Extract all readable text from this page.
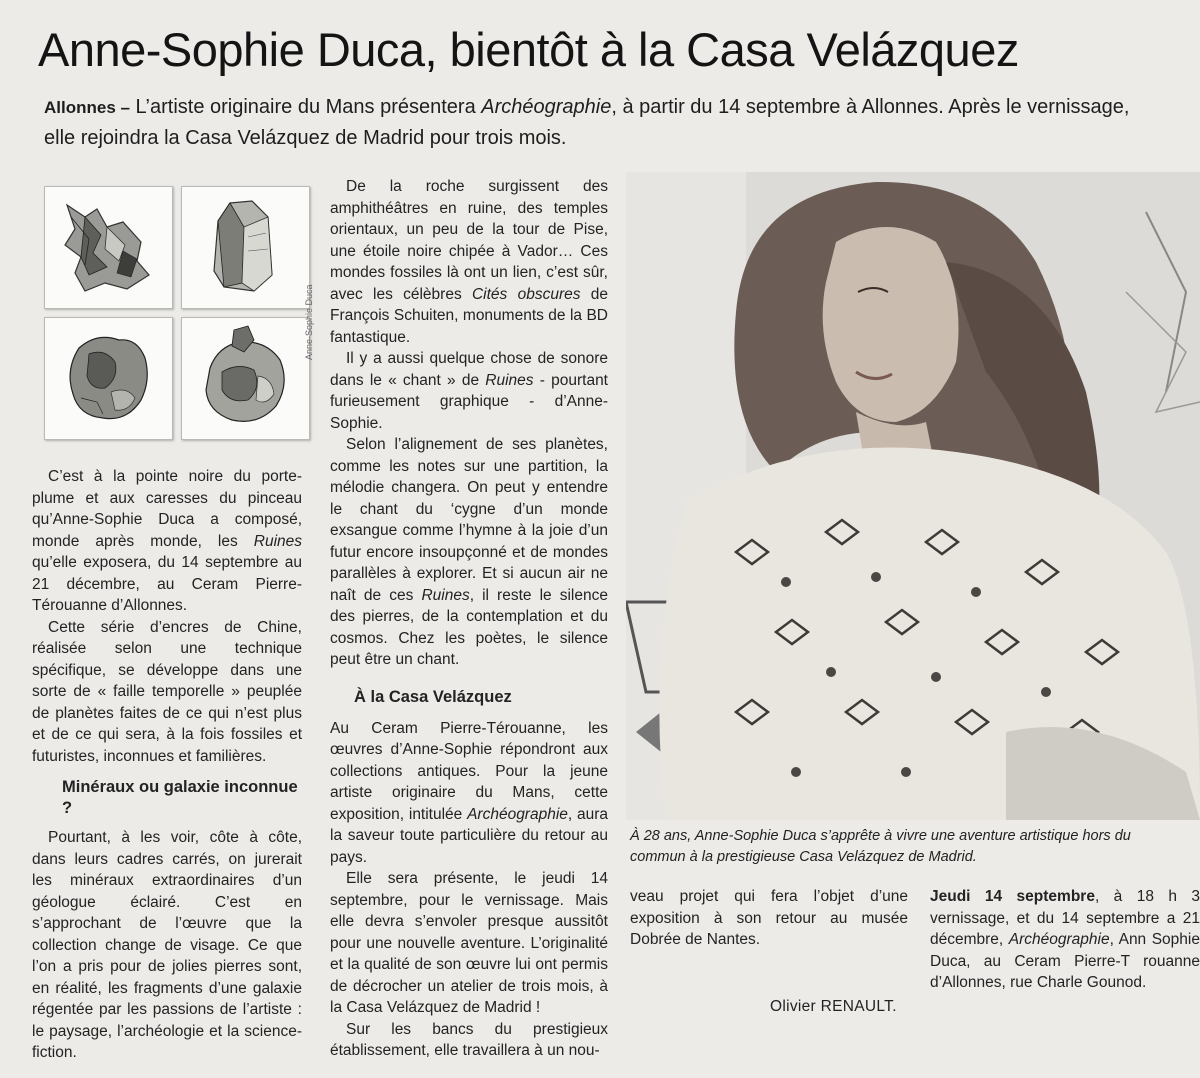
Anne-Sophie Duca, bientôt à la Casa Velázquez
Allonnes – L’artiste originaire du Mans présentera Archéographie, à partir du 14 septembre à Allonnes. Après le vernissage, elle rejoindra la Casa Velázquez de Madrid pour trois mois.
Anne-Sophie Duca

C’est à la pointe noire du porte-plume et aux caresses du pinceau qu’Anne-Sophie Duca a composé, monde après monde, les Ruines qu’elle exposera, du 14 septembre au 21 décembre, au Ceram Pierre-Térouanne d’Allonnes.

Cette série d’encres de Chine, réalisée selon une technique spécifique, se développe dans une sorte de « faille temporelle » peuplée de planètes faites de ce qui n’est plus et de ce qui sera, à la fois fossiles et futuristes, inconnues et familières.

Minéraux ou galaxie inconnue ?

Pourtant, à les voir, côte à côte, dans leurs cadres carrés, on jurerait les minéraux extraordinaires d’un géologue éclairé. C’est en s’approchant de l’œuvre que la collection change de visage. Ce que l’on a pris pour de jolies pierres sont, en réalité, les fragments d’une galaxie régentée par les passions de l’artiste : le paysage, l’archéologie et la science-fiction.

De la roche surgissent des amphithéâtres en ruine, des temples orientaux, un peu de la tour de Pise, une étoile noire chipée à Vador… Ces mondes fossiles là ont un lien, c’est sûr, avec les célèbres Cités obscures de François Schuiten, monuments de la BD fantastique.

Il y a aussi quelque chose de sonore dans le « chant » de Ruines - pourtant furieusement graphique - d’Anne-Sophie.

Selon l’alignement de ses planètes, comme les notes sur une partition, la mélodie changera. On peut y entendre le chant du ‘cygne d’un monde exsangue comme l’hymne à la joie d’un futur encore insoupçonné et de mondes parallèles à explorer. Et si aucun air ne naît de ces Ruines, il reste le silence des pierres, de la contemplation et du cosmos. Chez les poètes, le silence peut être un chant.

À la Casa Velázquez

Au Ceram Pierre-Térouanne, les œuvres d’Anne-Sophie répondront aux collections antiques. Pour la jeune artiste originaire du Mans, cette exposition, intitulée Archéographie, aura la saveur toute particulière du retour au pays.

Elle sera présente, le jeudi 14 septembre, pour le vernissage. Mais elle devra s’envoler presque aussitôt pour une nouvelle aventure. L’originalité et la qualité de son œuvre lui ont permis de décrocher un atelier de trois mois, à la Casa Velázquez de Madrid !

Sur les bancs du prestigieux établissement, elle travaillera à un nou-

À 28 ans, Anne-Sophie Duca s’apprête à vivre une aventure artistique hors du commun à la prestigieuse Casa Velázquez de Madrid.

veau projet qui fera l’objet d’une exposition à son retour au musée Dobrée de Nantes.

Olivier RENAULT.

Jeudi 14 septembre, à 18 h 3 vernissage, et du 14 septembre a 21 décembre, Archéographie, Ann Sophie Duca, au Ceram Pierre-T rouanne d’Allonnes, rue Charle Gounod.
